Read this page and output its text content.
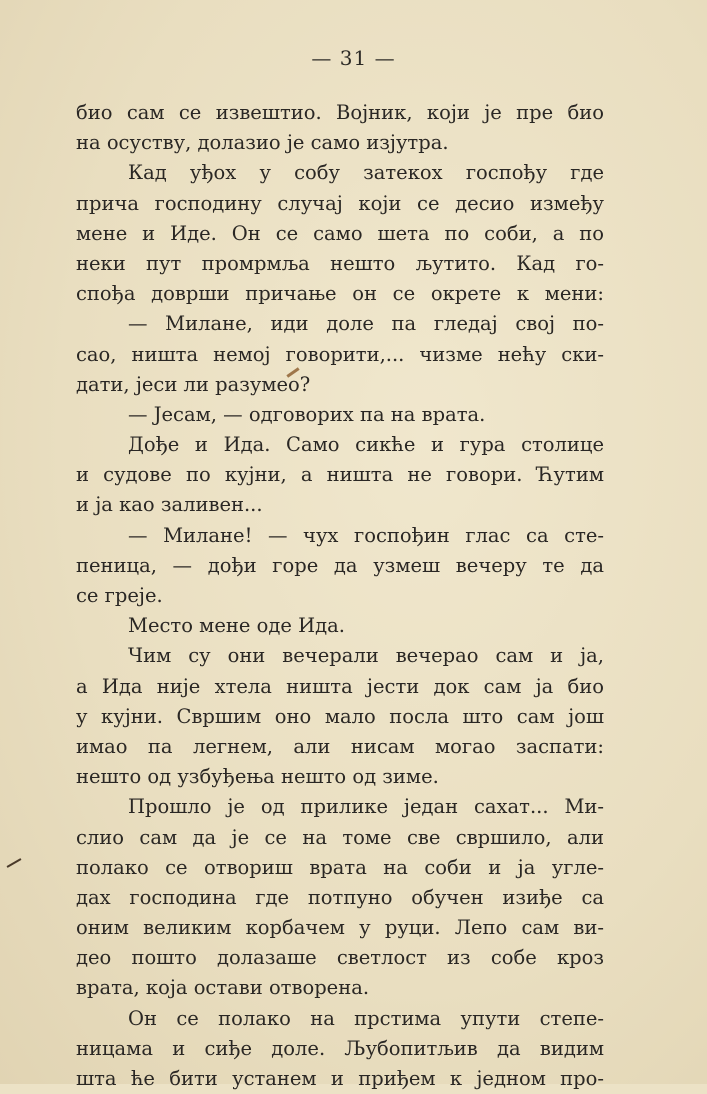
— 31 —
био сам се извештио. Војник, који је пре био
на осуству, долазио је само изјутра.
Кад уђох у собу затекох госпођу где
прича господину случај који се десио између
мене и Иде. Он се само шета по соби, а по
неки пут промрмља нешто љутито. Кад го-
спођа доврши причање он се окрете к мени:
— Милане, иди доле па гледај свој по-
сао, ништа немој говорити,... чизме нећу ски-
дати, јеси ли разумео?
— Јесам, — одговорих па на врата.
Дође и Ида. Само сикће и гура столице
и судове по кујни, а ништа не говори. Ћутим
и ја као заливен...
— Милане! — чух госпођин глас са сте-
пеница, — дођи горе да узмеш вечеру те да
се греје.
Место мене оде Ида.
Чим су они вечерали вечерао сам и ја,
а Ида није хтела ништа јести док сам ја био
у кујни. Свршим оно мало посла што сам још
имао па легнем, али нисам могао заспати:
нешто од узбуђења нешто од зиме.
Прошло је од прилике један сахат... Ми-
слио сам да је се на томе све свршило, али
полако се отвориш врата на соби и ја угле-
дах господина где потпуно обучен изиђе са
оним великим корбачем у руци. Лепо сам ви-
део пошто долазаше светлост из собе кроз
врата, која остави отворена.
Он се полако на прстима упути степе-
ницама и сиђе доле. Љубопитљив да видим
шта ће бити устанем и приђем к једном про-
